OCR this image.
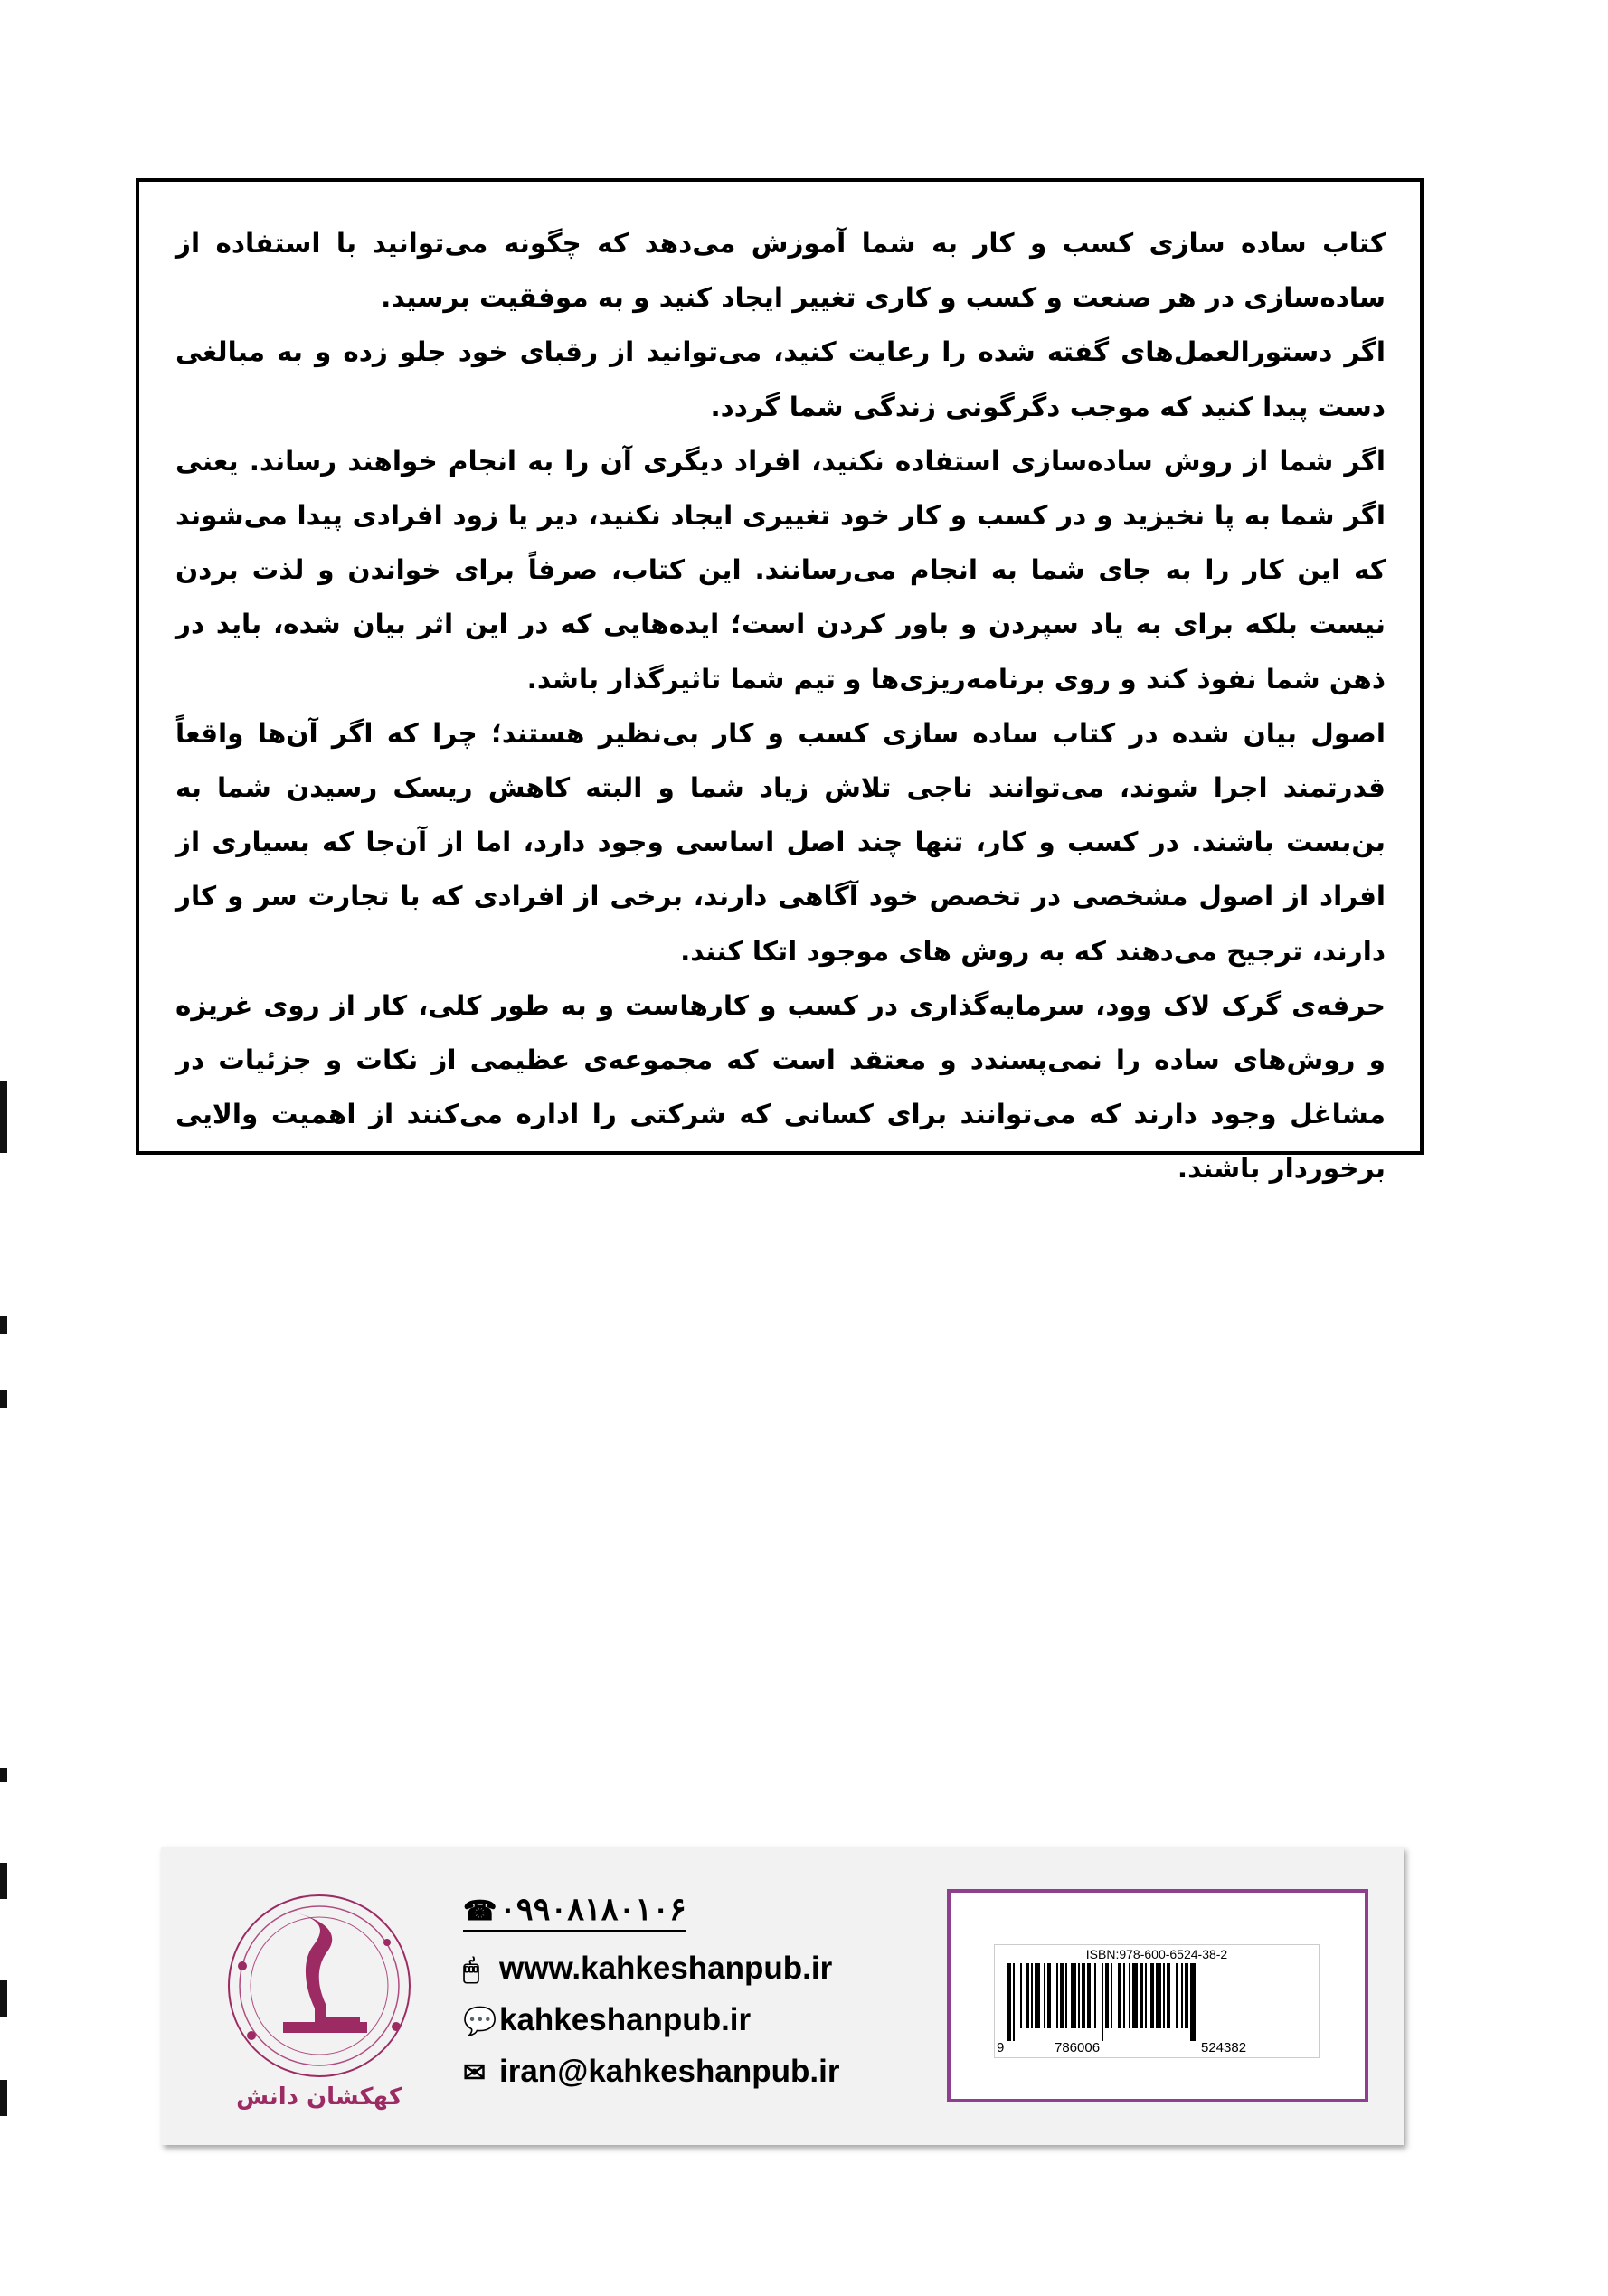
کتاب ساده سازی کسب و کار به شما آموزش می‌دهد که چگونه می‌توانید با استفاده از ساده‌سازی در هر صنعت و کسب و کاری تغییر ایجاد کنید و به موفقیت برسید.

اگر دستورالعمل‌های گفته شده را رعایت کنید، می‌توانید از رقبای خود جلو زده و به مبالغی دست پیدا کنید که موجب دگرگونی زندگی شما گردد.

اگر شما از روش ساده‌سازی استفاده نکنید، افراد دیگری آن را به انجام خواهند رساند. یعنی اگر شما به پا نخیزید و در کسب و کار خود تغییری ایجاد نکنید، دیر یا زود افرادی پیدا می‌شوند که این کار را به جای شما به انجام می‌رسانند. این کتاب، صرفاً برای خواندن و لذت بردن نیست بلکه برای به یاد سپردن و باور کردن است؛ ایده‌هایی که در این اثر بیان شده، باید در ذهن شما نفوذ کند و روی برنامه‌ریزی‌ها و تیم شما تاثیرگذار باشد.

اصول بیان شده در کتاب ساده سازی کسب و کار بی‌نظیر هستند؛ چرا که اگر آن‌ها واقعاً قدرتمند اجرا شوند، می‌توانند ناجی تلاش زیاد شما و البته کاهش ریسک رسیدن شما به بن‌بست باشند. در کسب و کار، تنها چند اصل اساسی وجود دارد، اما از آن‌جا که بسیاری از افراد از اصول مشخصی در تخصص خود آگاهی دارند، برخی از افرادی که با تجارت سر و کار دارند، ترجیح می‌دهند که به روش های موجود اتکا کنند.

حرفه‌ی گرک لاک وود، سرمایه‌گذاری در کسب و کارهاست و به طور کلی، کار از روی غریزه و روش‌های ساده را نمی‌پسندد و معتقد است که مجموعه‌ی عظیمی از نکات و جزئیات در مشاغل وجود دارند که می‌توانند برای کسانی که شرکتی را اداره می‌کنند از اهمیت والایی برخوردار باشند.

کهکشان دانش
☎۰۹۹۰۸۱۸۰۱۰۶
🖱 www.kahkeshanpub.ir
💬kahkeshanpub.ir
✉ iran@kahkeshanpub.ir
ISBN:978-600-6524-38-2
9	786006	524382
